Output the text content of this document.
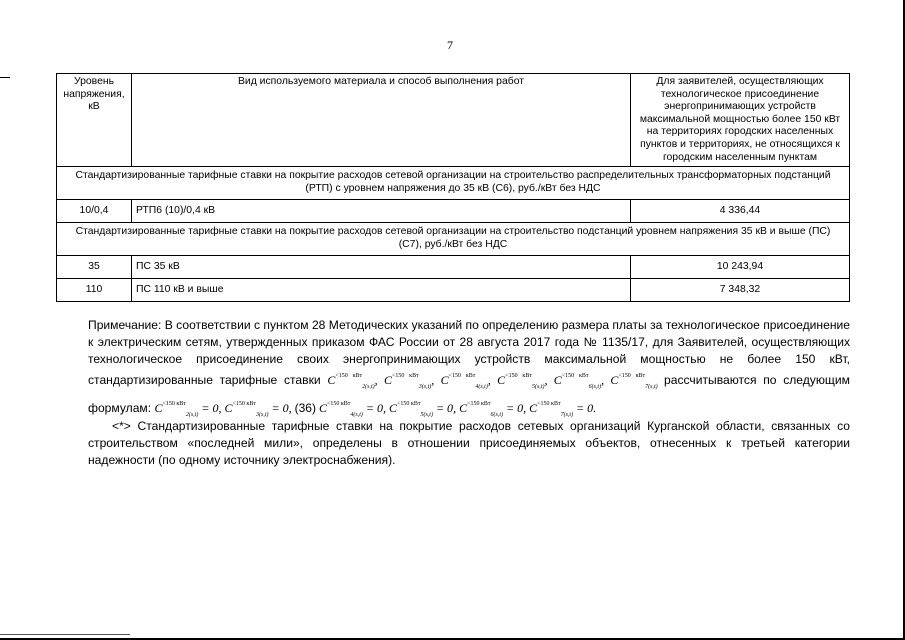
7
Уровень напряжения, кВ	Вид используемого материала и способ выполнения работ	Для заявителей, осуществляющих технологическое присоединение энергопринимающих устройств максимальной мощностью более 150 кВт на территориях городских населенных пунктов и территориях, не относящихся к городским населенным пунктам
Стандартизированные тарифные ставки на покрытие расходов сетевой организации на строительство распределительных трансформаторных подстанций (РТП) с уровнем напряжения до 35 кВ (С6), руб./кВт без НДС		
10/0,4	РТП6 (10)/0,4 кВ	4 336,44
Стандартизированные тарифные ставки на покрытие расходов сетевой организации на строительство подстанций уровнем напряжения 35 кВ и выше (ПС) (С7), руб./кВт без НДС		
35	ПС 35 кВ	10 243,94
110	ПС 110 кВ и выше	7 348,32
Примечание: В соответствии с пунктом 28 Методических указаний по определению размера платы за технологическое присоединение к электрическим сетям, утвержденных приказом ФАС России от 28 августа 2017 года № 1135/17, для Заявителей, осуществляющих технологическое присоединение своих энергопринимающих устройств максимальной мощностью не более 150 кВт, стандартизированные тарифные ставки $C^{<150 кВт}_{2(s,t)}$, $C^{<150 кВт}_{3(s,t)}$, $C^{<150 кВт}_{4(s,t)}$, $C^{<150 кВт}_{5(s,t)}$, $C^{<150 кВт}_{6(s,t)}$, $C^{<150 кВт}_{7(s,t)}$ рассчитываются по следующим формулам: $C^{<150 кВт}_{2(s,t)} = 0$, $C^{<150 кВт}_{3(s,t)} = 0$, (36) $C^{<150 кВт}_{4(s,t)} = 0$, $C^{<150 кВт}_{5(s,t)} = 0$, $C^{<150 кВт}_{6(s,t)} = 0$, $C^{<150 кВт}_{7(s,t)} = 0$.
<*> Стандартизированные тарифные ставки на покрытие расходов сетевых организаций Курганской области, связанных со строительством «последней мили», определены в отношении присоединяемых объектов, отнесенных к третьей категории надежности (по одному источнику электроснабжения).
